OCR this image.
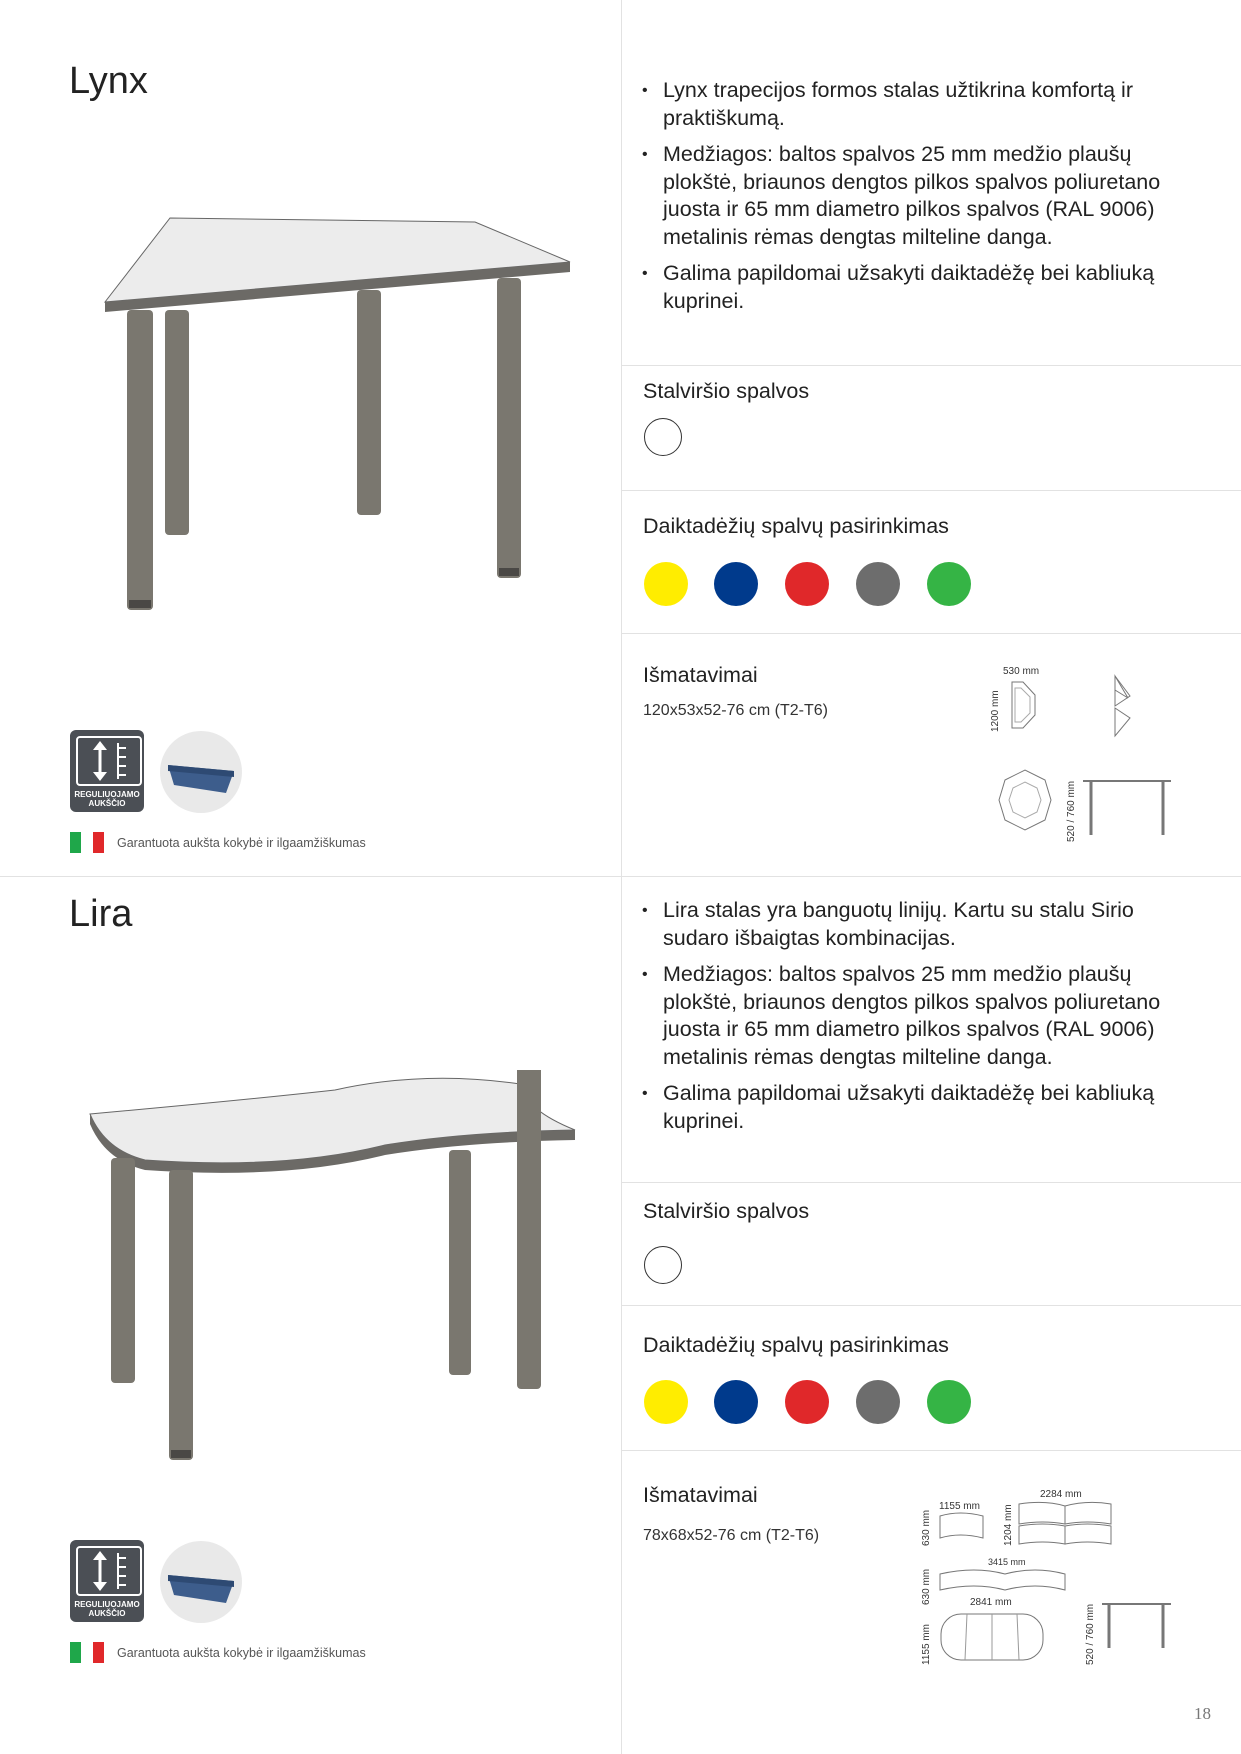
Lynx	• Lynx trapecijos formos stalas užtikrina komfortą ir praktiškumą.
• Medžiagos: baltos spalvos 25 mm medžio plaušų plokštė, briaunos dengtos pilkos spalvos poliuretano juosta ir 65 mm diametro pilkos spalvos (RAL 9006) metalinis rėmas dengtas milteline danga.
• Galima papildomai užsakyti daiktadėžę bei kabliuką kuprinei.
Stalviršio spalvos
Daiktadėžių spalvų pasirinkimas
Išmatavimai
120x53x52-76 cm (T2-T6)
530 mm
1200 mm
520 / 760 mm
REGULIUOJAMO AUKŠČIO
Garantuota aukšta kokybė ir ilgaamžiškumas
Lira	• Lira stalas yra banguotų linijų. Kartu su stalu Sirio sudaro išbaigtas kombinacijas.
• Medžiagos: baltos spalvos 25 mm medžio plaušų plokštė, briaunos dengtos pilkos spalvos poliuretano juosta ir 65 mm diametro pilkos spalvos (RAL 9006) metalinis rėmas dengtas milteline danga.
• Galima papildomai užsakyti daiktadėžę bei kabliuką kuprinei.
Stalviršio spalvos
Daiktadėžių spalvų pasirinkimas
Išmatavimai
78x68x52-76 cm (T2-T6)
1155 mm
630 mm
2284 mm
1204 mm
3415 mm
630 mm	2841 mm
1155 mm	520 / 760 mm
REGULIUOJAMO AUKŠČIO
Garantuota aukšta kokybė ir ilgaamžiškumas
18
